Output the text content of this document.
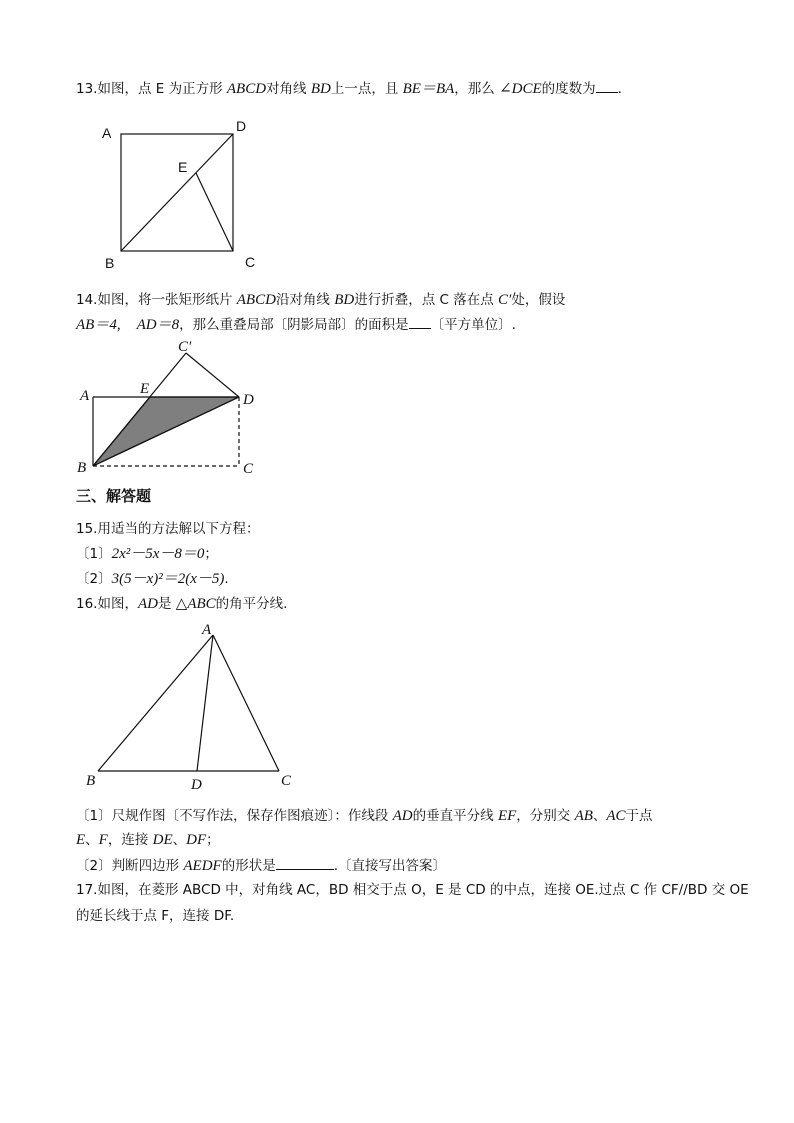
13.如图，点 E 为正方形 ABCD对角线 BD上一点，且 BE＝BA，那么 ∠DCE的度数为 .
A	D
E
B	C
14.如图，将一张矩形纸片 ABCD沿对角线 BD进行折叠，点 C 落在点 C′处，假设
AB＝4, AD＝8，那么重叠局部〔阴影局部〕的面积是 〔平方单位〕.
C′
A	E
D
B	C
三、解答题
15.用适当的方法解以下方程：
〔1〕2x²－5x－8＝0；
〔2〕3(5－x)²＝2(x－5).
16.如图，AD是 △ABC的角平分线.
A
B	D	C
〔1〕尺规作图〔不写作法，保存作图痕迹〕：作线段 AD的垂直平分线 EF，分别交 AB、AC于点
E、F，连接 DE、DF；
〔2〕判断四边形 AEDF的形状是	.〔直接写出答案〕
17.如图，在菱形 ABCD 中，对角线 AC，BD 相交于点 O，E 是 CD 的中点，连接 OE.过点 C 作 CF//BD 交 OE
的延长线于点 F，连接 DF.
